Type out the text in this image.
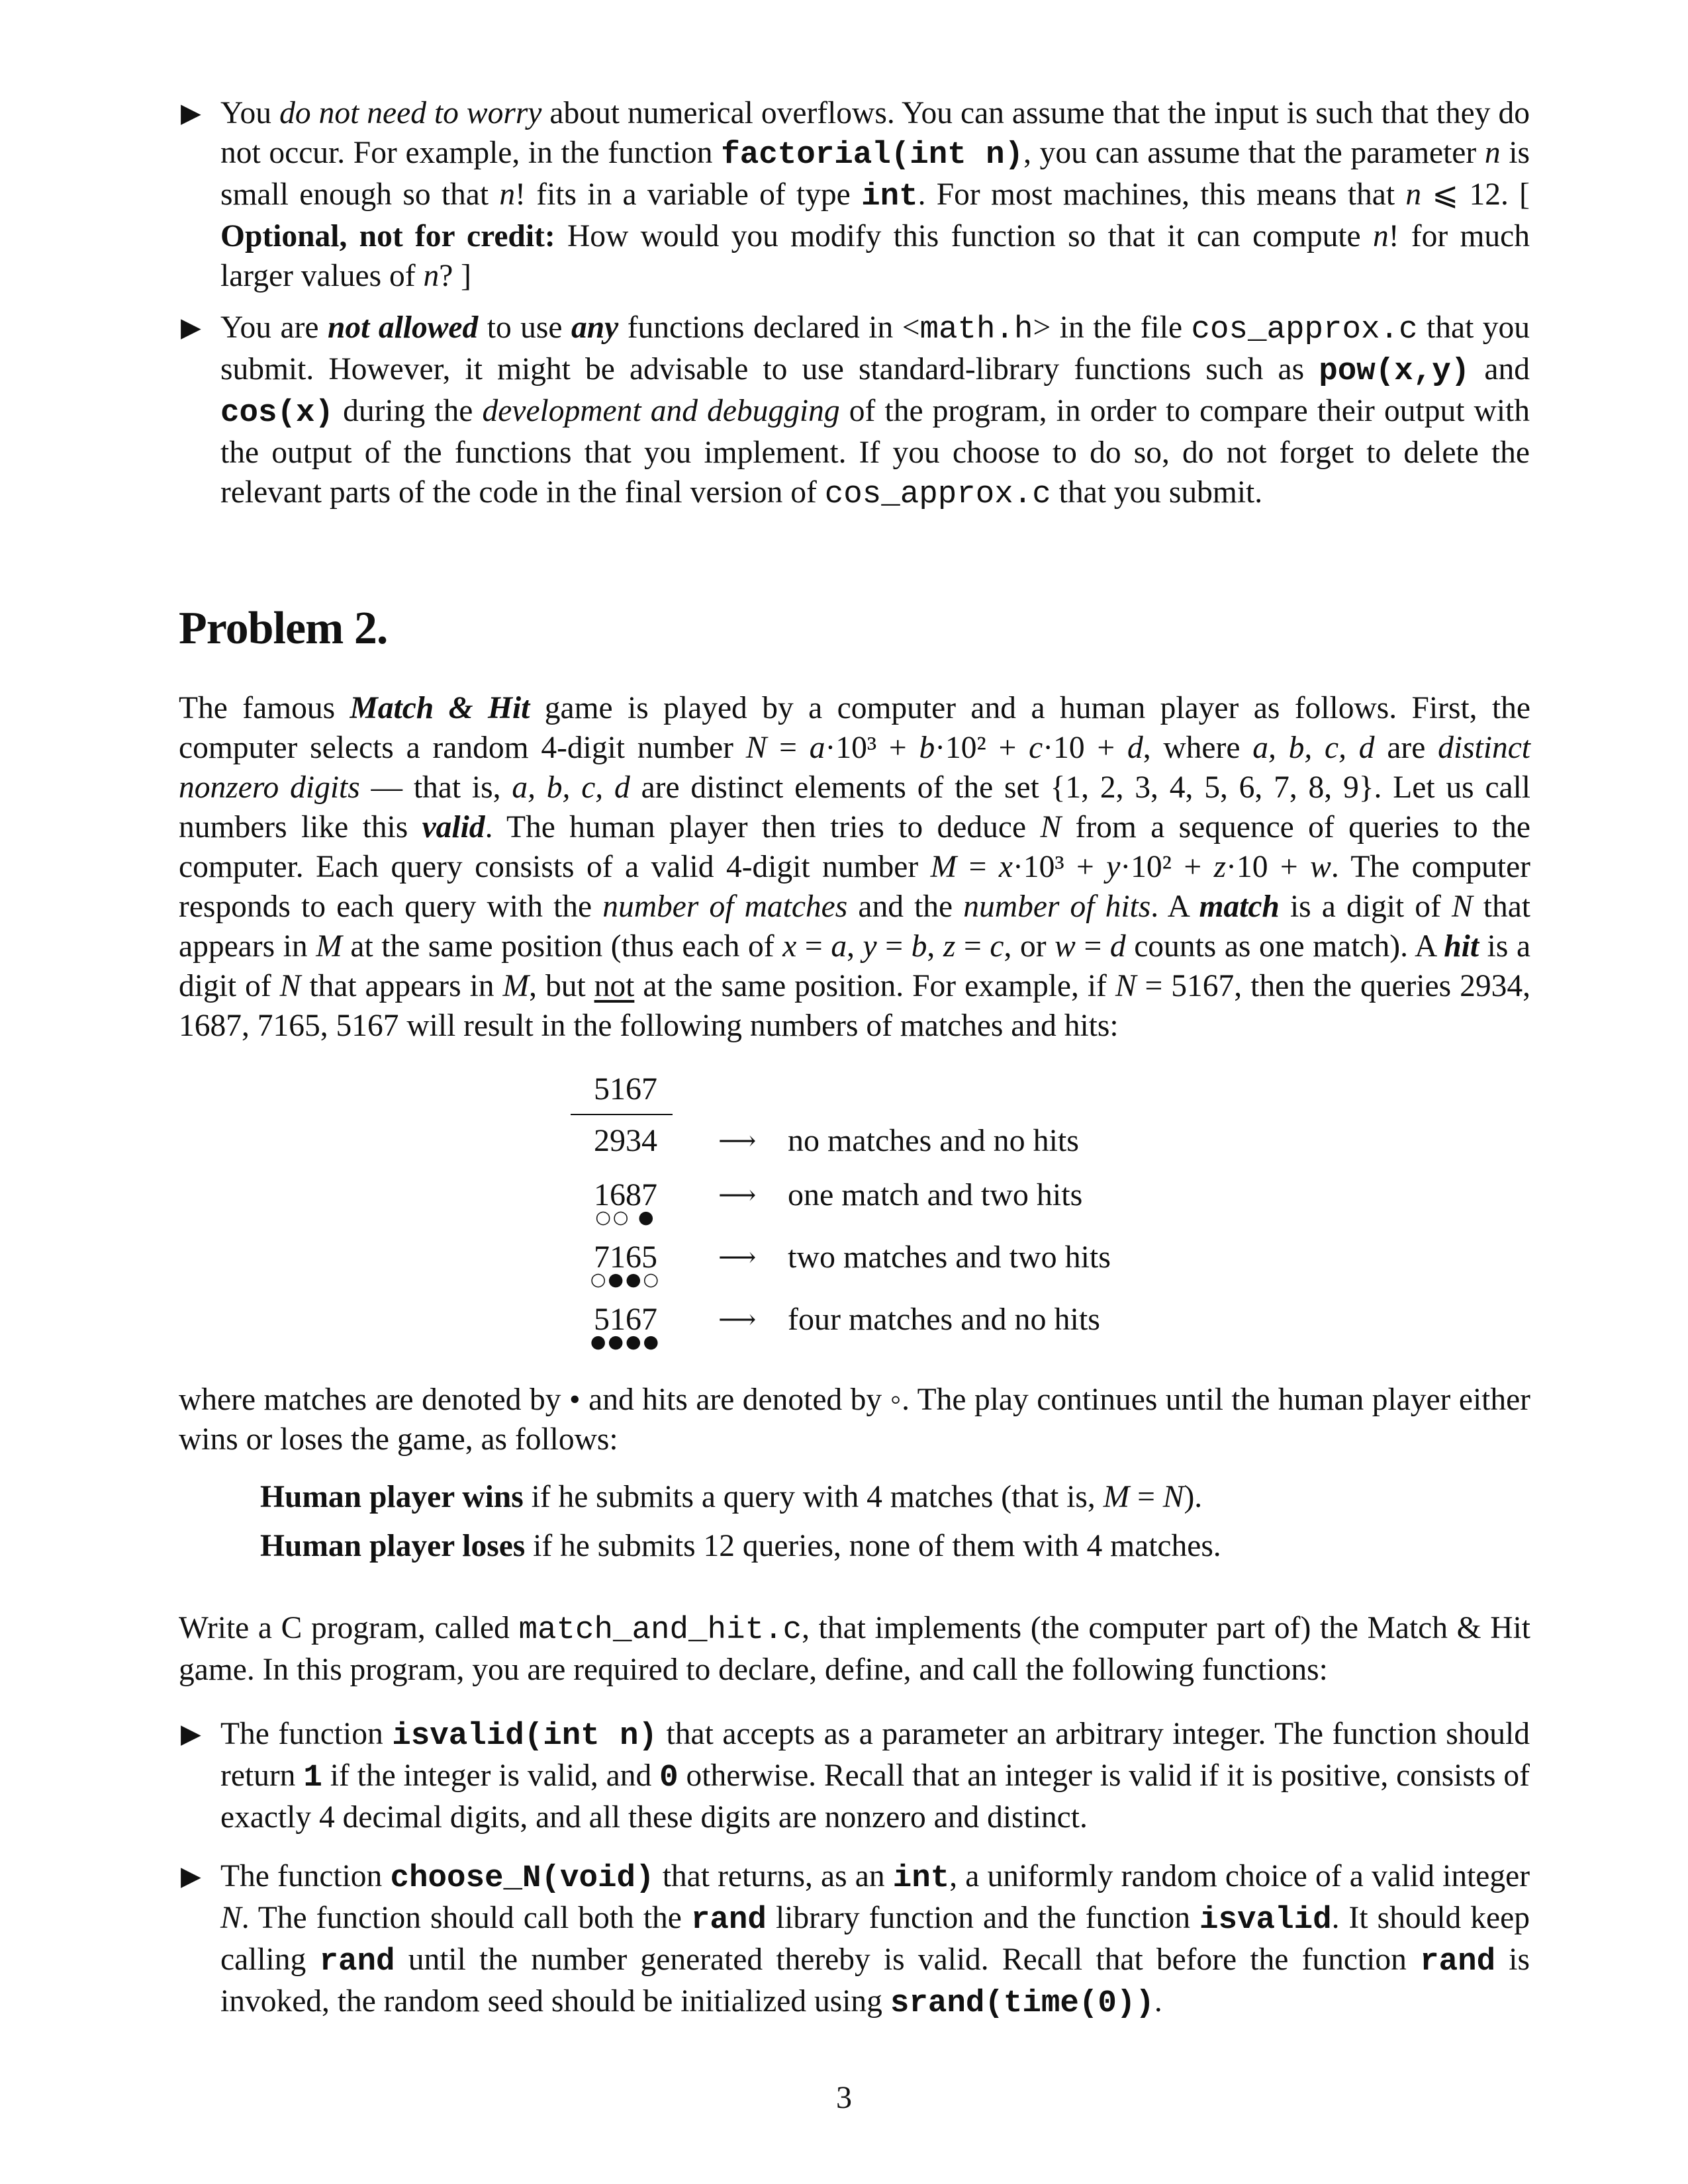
▶ You do not need to worry about numerical overflows. You can assume that the input is such that they do not occur. For example, in the function factorial(int n), you can assume that the parameter n is small enough so that n! fits in a variable of type int. For most machines, this means that n ⩽ 12. [ Optional, not for credit: How would you modify this function so that it can compute n! for much larger values of n? ]

▶ You are not allowed to use any functions declared in <math.h> in the file cos_approx.c that you submit. However, it might be advisable to use standard-library functions such as pow(x,y) and cos(x) during the development and debugging of the program, in order to compare their output with the output of the functions that you implement. If you choose to do so, do not forget to delete the relevant parts of the code in the final version of cos_approx.c that you submit.

Problem 2.

The famous Match & Hit game is played by a computer and a human player as follows. First, the computer selects a random 4-digit number N = a·10³ + b·10² + c·10 + d, where a, b, c, d are distinct nonzero digits — that is, a, b, c, d are distinct elements of the set {1, 2, 3, 4, 5, 6, 7, 8, 9}. Let us call numbers like this valid. The human player then tries to deduce N from a sequence of queries to the computer. Each query consists of a valid 4-digit number M = x·10³ + y·10² + z·10 + w. The computer responds to each query with the number of matches and the number of hits. A match is a digit of N that appears in M at the same position (thus each of x = a, y = b, z = c, or w = d counts as one match). A hit is a digit of N that appears in M, but not at the same position. For example, if N = 5167, then the queries 2934, 1687, 7165, 5167 will result in the following numbers of matches and hits:

5167
2934	⟶ no matches and no hits
1687
○○ ●
⟶ one match and two hits
7165
○●●○
⟶ two matches and two hits
5167
●●●●
⟶ four matches and no hits

where matches are denoted by • and hits are denoted by ◦. The play continues until the human player either wins or loses the game, as follows:

Human player wins if he submits a query with 4 matches (that is, M = N).

Human player loses if he submits 12 queries, none of them with 4 matches.

Write a C program, called match_and_hit.c, that implements (the computer part of) the Match & Hit game. In this program, you are required to declare, define, and call the following functions:

▶ The function isvalid(int n) that accepts as a parameter an arbitrary integer. The function should return 1 if the integer is valid, and 0 otherwise. Recall that an integer is valid if it is positive, consists of exactly 4 decimal digits, and all these digits are nonzero and distinct.

▶ The function choose_N(void) that returns, as an int, a uniformly random choice of a valid integer N. The function should call both the rand library function and the function isvalid. It should keep calling rand until the number generated thereby is valid. Recall that before the function rand is invoked, the random seed should be initialized using srand(time(0)).

3
